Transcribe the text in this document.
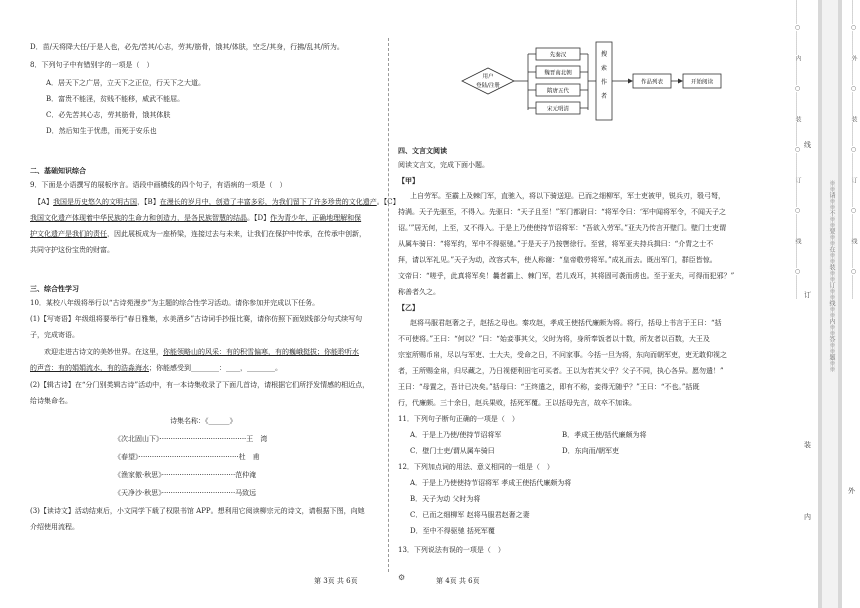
D．苗/天将降大任/于是人也，必先/苦其/心志，劳其/筋骨，饿其/体肤，空乏/其身，行拂/乱其/所为。
8．下列句子中有错别字的一项是（　）
A．居天下之广居，立天下之正位，行天下之大道。
B．富贵不能淫，贫贱不能移，威武不能屈。
C．必先苦其心志，劳其筋骨，饿其体肤
D．然后知生于忧患，而死于安乐也
二、基础知识综合
9．下面是小语撰写的展板序言。语段中画横线的四个句子，有语病的一项是（　）
【A】我国是历史悠久的文明古国，【B】在漫长的岁月中，创造了丰富多彩，为我们留下了许多珍贵的文化遗产。【C】
我国文化遗产体现着中华民族的生命力和创造力，是各民族智慧的结晶。【D】作为青少年，正确地理解和保
护文化遗产是我们的责任，因此展板成为一座桥梁，连接过去与未来，让我们在保护中传承，在传承中创新，
共同守护这份宝贵的财富。
三、综合性学习
10．某校八年级将举行以“古诗苑漫步”为主题的综合性学习活动。请你参加并完成以下任务。
(1)【写寄语】年级组将要举行“春日雅集，水美酒乡”古诗词手抄报比赛，请你仿照下面划线部分句式续写句
子，完成寄语。
欢迎走进古诗文的美妙世界。在这里，你能领略山的风采：有的积雪偏寒，有的巍峨挺拔；你能聆听水
的声音：有的娟娟流水，有的浩淼海水；你能感受到________：____，________。
(2)【辑古诗】在“分门别类辑古诗”活动中，有一本诗集收录了下面几首诗，请根据它们所抒发情感的相近点，
给诗集命名。
诗集名称：《______》
《次北固山下》·······································王　湾
《春望》·············································杜　甫
《渔家傲·秋思》·································范仲淹
《天净沙·秋思》·································马致远
(3)【读诗文】活动结束后，小文同学下载了权限书馆 APP。想利用它阅读柳宗元的诗文，请根据下图，向她
介绍使用流程。
用户
登陆/注册
先秦汉
魏晋南北朝
隋唐五代
宋元明清
搜索作者
作品列表	开始阅读
四、文言文阅读
阅读文言文，完成下面小题。
【甲】
上自劳军。至霸上及棘门军，直驰入，将以下骑送迎。已而之细柳军，军士吏被甲，锐兵刃，彀弓弩，
持满。天子先驱至，不得入。先驱曰：“天子且至！”军门都尉曰：“将军令曰：‘军中闻将军令，不闻天子之
诏。’”居无何，上至，又不得入。于是上乃使使持节诏将军：“吾欲入劳军。”亚夫乃传言开壁门。壁门士吏谓
从属车骑曰：“将军约，军中不得驱驰。”于是天子乃按辔徐行。至营，将军亚夫持兵揖曰：“介胄之士不
拜，请以军礼见。”天子为动，改容式车，使人称谢：“皇帝敬劳将军。”成礼而去。既出军门，群臣皆惊。
文帝曰：“嗟乎，此真将军矣！曩者霸上、棘门军，若儿戏耳，其将固可袭而虏也。至于亚夫，可得而犯邪？”
称善者久之。
【乙】
赵将马服君赵奢之子，赵括之母也。秦攻赵，孝成王使括代廉颇为将。将行，括母上书言于王曰：“括
不可使将。”王曰：“何以？”曰：“始妾事其父，父时为将，身所奉饭者以十数，所友者以百数，大王及
宗室所赐币帛，尽以与军吏、士大夫，受命之日，不问家事。今括一旦为将，东向而朝军吏，吏无敢仰视之
者，王所赐金帛，归尽藏之，乃日视便利田宅可买者。王以为若其父乎？父子不同，执心各异。愿勿遣！”
王曰：“母置之，吾计已决矣。”括母曰：“王终遣之，即有不称，妾得无随乎？”王曰：“不也。”括既
行，代廉颇。三十余日，赵兵果败，括死军覆。王以括母先言，故卒不加诛。
11．下列句子断句正确的一项是（　）
A．于是上乃使/使持节诏将军	B．孝成王使/括代廉颇为将
C．壁门士吏/谓从属车骑曰	D．东向而/朝军吏
12．下列加点词的用法、意义相同的一组是（　）
A．于是上乃使使持节诏将军 孝成王使括代廉颇为将
B．天子为动 父时为将
C．已而之细柳军 赵将马服君赵奢之妻
D．至中不得驱驰 括死军覆
13．下列说法有误的一项是（　）
第 3页 共 6页	⚙	第 4页 共 6页
…………○…………内…………○…………装…………○…………订…………○…………线…………○………… 线
订
装
内
※※请※※不※※要※※在※※装※※订※※线※※内※※答※※题※※	…………○…………外…………○…………装…………○…………订…………○…………线…………○…………
外
